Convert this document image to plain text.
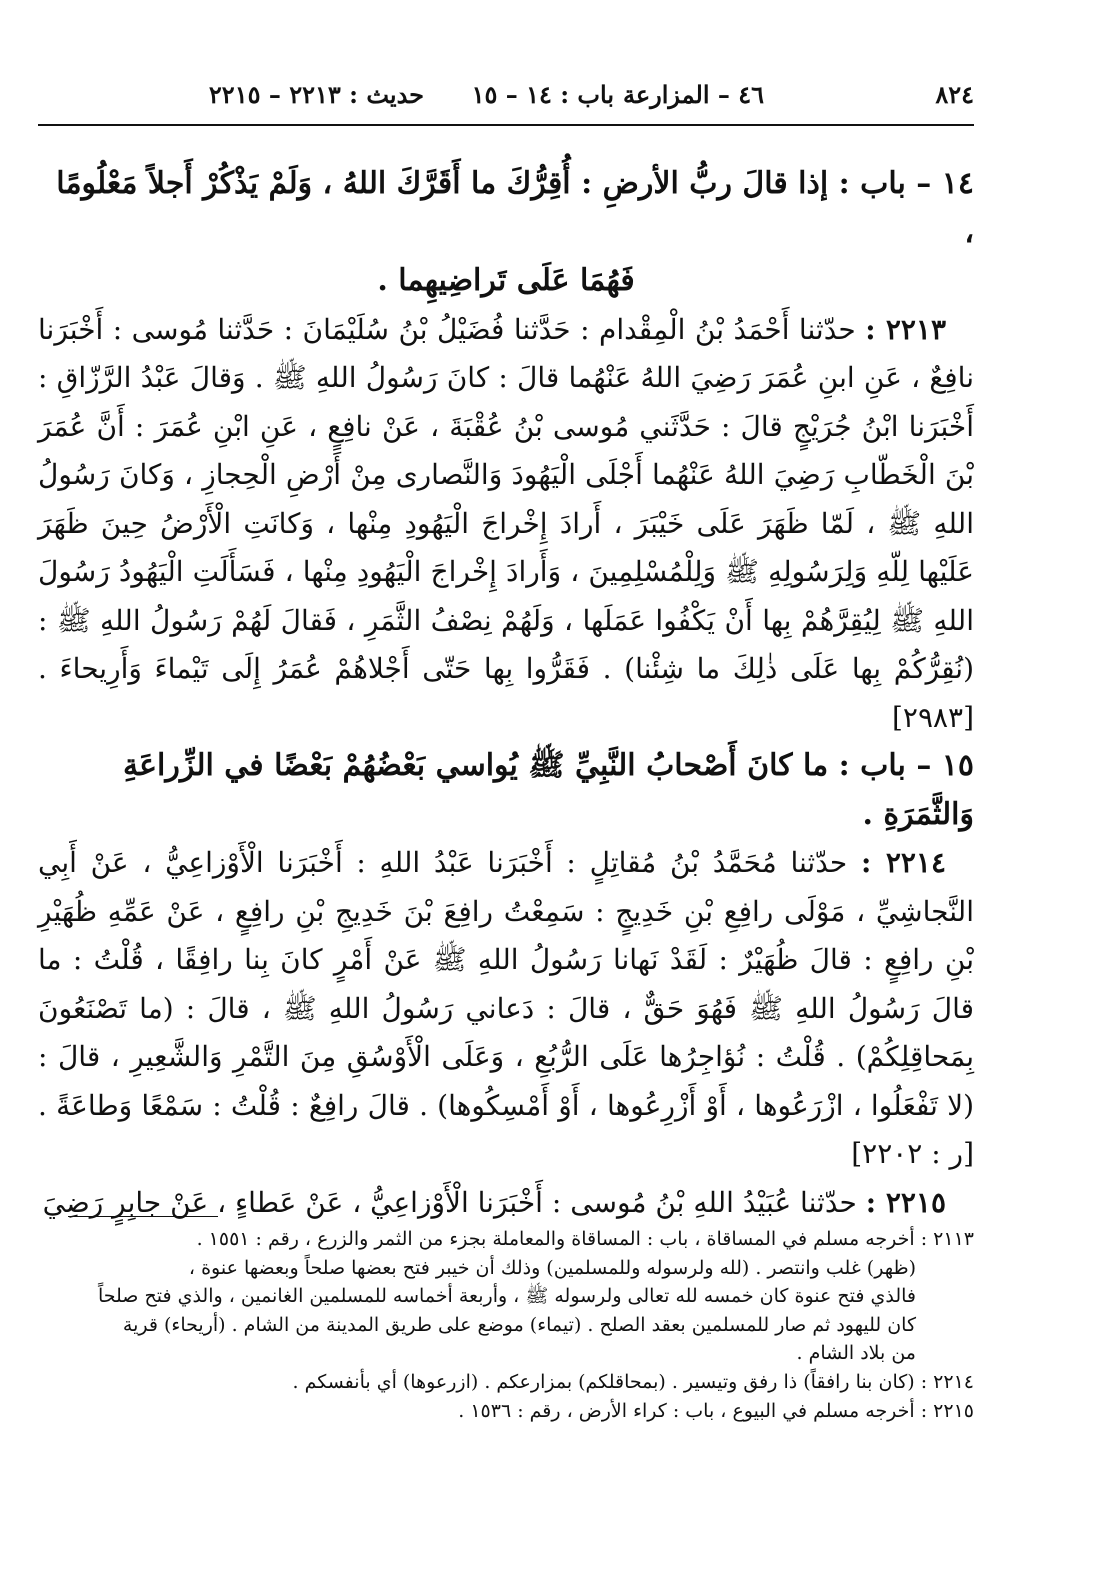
٨٢٤
٤٦ – المزارعة
باب : ١٤ – ١٥
حديث : ٢٢١٣ – ٢٢١٥

١٤ – باب : إذا قالَ ربُّ الأرضِ : أُقِرُّكَ ما أَقَرَّكَ اللهُ ، وَلَمْ يَذْكُرْ أَجلاً مَعْلُومًا ،

فَهُمَا عَلَى تَراضِيهِما .

٢٢١٣ : حدّثنا أَحْمَدُ بْنُ الْمِقْدام : حَدَّثنا فُضَيْلُ بْنُ سُلَيْمَانَ : حَدَّثنا مُوسى : أَخْبَرَنا نافِعٌ ، عَنِ ابنِ عُمَرَ رَضِيَ اللهُ عَنْهُما قالَ : كانَ رَسُولُ اللهِ ﷺ . وَقالَ عَبْدُ الرَّزّاقِ : أَخْبَرَنا ابْنُ جُرَيْجٍ قالَ : حَدَّثَني مُوسى بْنُ عُقْبَةَ ، عَنْ نافِعٍ ، عَنِ ابْنِ عُمَرَ : أَنَّ عُمَرَ بْنَ الْخَطّابِ رَضِيَ اللهُ عَنْهُما أَجْلَى الْيَهُودَ وَالنَّصارى مِنْ أَرْضِ الْحِجازِ ، وَكانَ رَسُولُ اللهِ ﷺ ، لَمّا ظَهَرَ عَلَى خَيْبَرَ ، أَرادَ إِخْراجَ الْيَهُودِ مِنْها ، وَكانَتِ الْأَرْضُ حِينَ ظَهَرَ عَلَيْها لِلّهِ وَلِرَسُولِهِ ﷺ وَلِلْمُسْلِمِينَ ، وَأَرادَ إِخْراجَ الْيَهُودِ مِنْها ، فَسَأَلَتِ الْيَهُودُ رَسُولَ اللهِ ﷺ لِيُقِرَّهُمْ بِها أَنْ يَكْفُوا عَمَلَها ، وَلَهُمْ نِصْفُ الثَّمَرِ ، فَقالَ لَهُمْ رَسُولُ اللهِ ﷺ : (نُقِرُّكُمْ بِها عَلَى ذٰلِكَ ما شِئْنا) . فَقَرُّوا بِها حَتّى أَجْلاهُمْ عُمَرُ إِلَى تَيْماءَ وَأَرِيحاءَ . [٢٩٨٣]

١٥ – باب : ما كانَ أَصْحابُ النَّبِيِّ ﷺ يُواسي بَعْضُهُمْ بَعْضًا في الزِّراعَةِ وَالثَّمَرَةِ .

٢٢١٤ : حدّثنا مُحَمَّدُ بْنُ مُقاتِلٍ : أَخْبَرَنا عَبْدُ اللهِ : أَخْبَرَنا الْأَوْزاعِيُّ ، عَنْ أَبِي النَّجاشِيِّ ، مَوْلَى رافِعِ بْنِ خَدِيجٍ : سَمِعْتُ رافِعَ بْنَ خَدِيجِ بْنِ رافِعٍ ، عَنْ عَمِّهِ ظُهَيْرِ بْنِ رافِعٍ : قالَ ظُهَيْرٌ : لَقَدْ نَهانا رَسُولُ اللهِ ﷺ عَنْ أَمْرٍ كانَ بِنا رافِقًا ، قُلْتُ : ما قالَ رَسُولُ اللهِ ﷺ فَهُوَ حَقٌّ ، قالَ : دَعاني رَسُولُ اللهِ ﷺ ، قالَ : (ما تَصْنَعُونَ بِمَحاقِلِكُمْ) . قُلْتُ : نُؤاجِرُها عَلَى الرُّبُعِ ، وَعَلَى الْأَوْسُقِ مِنَ التَّمْرِ وَالشَّعِيرِ ، قالَ : (لا تَفْعَلُوا ، ازْرَعُوها ، أَوْ أَزْرِعُوها ، أَوْ أَمْسِكُوها) . قالَ رافِعٌ : قُلْتُ : سَمْعًا وَطاعَةً . [ر : ٢٢٠٢]

٢٢١٥ : حدّثنا عُبَيْدُ اللهِ بْنُ مُوسى : أَخْبَرَنا الْأَوْزاعِيُّ ، عَنْ عَطاءٍ ، عَنْ جابِرٍ رَضِيَ

٢١١٣ : أخرجه مسلم في المساقاة ، باب : المساقاة والمعاملة بجزء من الثمر والزرع ، رقم : ١٥٥١ .

(ظهر) غلب وانتصر . (لله ولرسوله وللمسلمين) وذلك أن خيبر فتح بعضها صلحاً وبعضها عنوة ،

فالذي فتح عنوة كان خمسه لله تعالى ولرسوله ﷺ ، وأربعة أخماسه للمسلمين الغانمين ، والذي فتح صلحاً

كان لليهود ثم صار للمسلمين بعقد الصلح . (تيماء) موضع على طريق المدينة من الشام . (أريحاء) قرية

من بلاد الشام .

٢٢١٤ : (كان بنا رافقاً) ذا رفق وتيسير . (بمحاقلكم) بمزارعكم . (ازرعوها) أي بأنفسكم .

٢٢١٥ : أخرجه مسلم في البيوع ، باب : كراء الأرض ، رقم : ١٥٣٦ .
